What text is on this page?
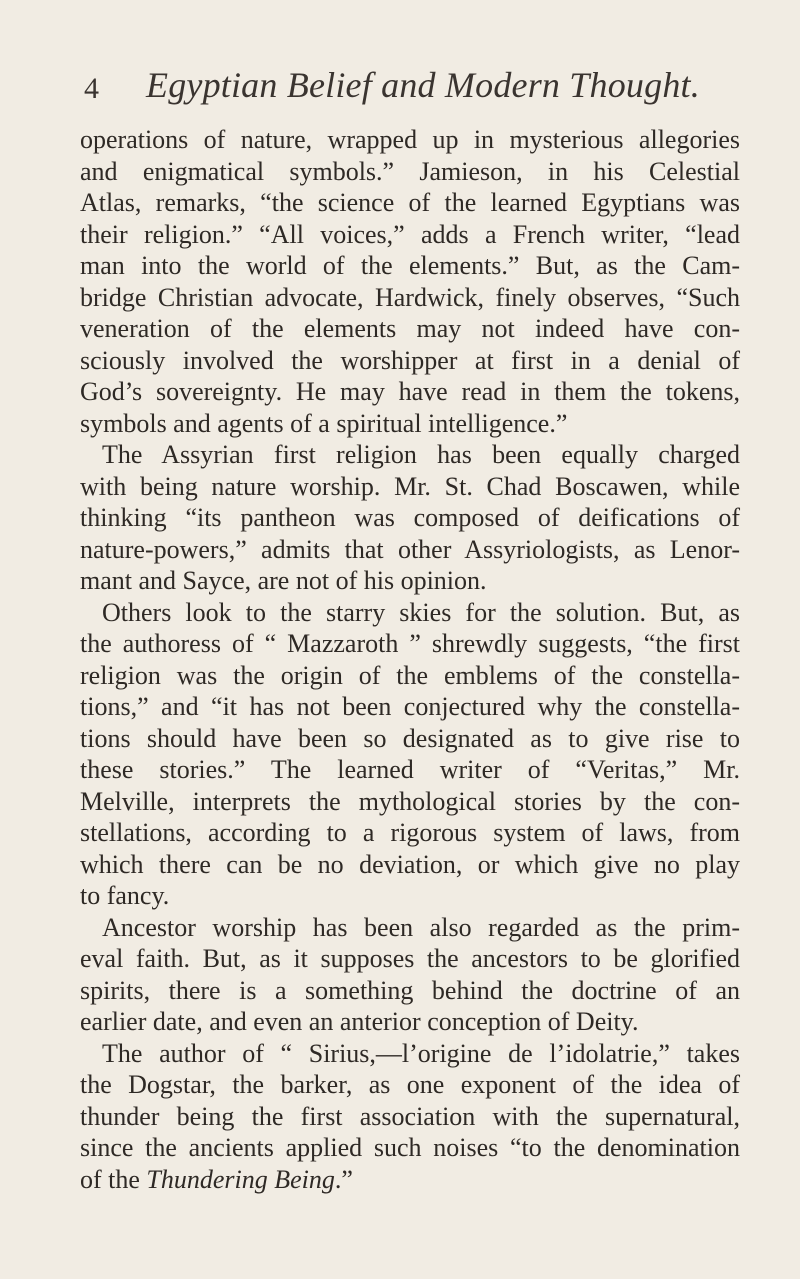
4 Egyptian Belief and Modern Thought.
operations of nature, wrapped up in mysterious allegories
and enigmatical symbols.” Jamieson, in his Celestial
Atlas, remarks, “the science of the learned Egyptians was
their religion.” “All voices,” adds a French writer, “lead
man into the world of the elements.” But, as the Cam-
bridge Christian advocate, Hardwick, finely observes, “Such
veneration of the elements may not indeed have con-
sciously involved the worshipper at first in a denial of
God’s sovereignty. He may have read in them the tokens,
symbols and agents of a spiritual intelligence.”
The Assyrian first religion has been equally charged
with being nature worship. Mr. St. Chad Boscawen, while
thinking “its pantheon was composed of deifications of
nature-powers,” admits that other Assyriologists, as Lenor-
mant and Sayce, are not of his opinion.
Others look to the starry skies for the solution. But, as
the authoress of “ Mazzaroth ” shrewdly suggests, “the first
religion was the origin of the emblems of the constella-
tions,” and “it has not been conjectured why the constella-
tions should have been so designated as to give rise to
these stories.” The learned writer of “Veritas,” Mr.
Melville, interprets the mythological stories by the con-
stellations, according to a rigorous system of laws, from
which there can be no deviation, or which give no play
to fancy.
Ancestor worship has been also regarded as the prim-
eval faith. But, as it supposes the ancestors to be glorified
spirits, there is a something behind the doctrine of an
earlier date, and even an anterior conception of Deity.
The author of “ Sirius,—l’origine de l’idolatrie,” takes
the Dogstar, the barker, as one exponent of the idea of
thunder being the first association with the supernatural,
since the ancients applied such noises “to the denomination
of the Thundering Being.”
